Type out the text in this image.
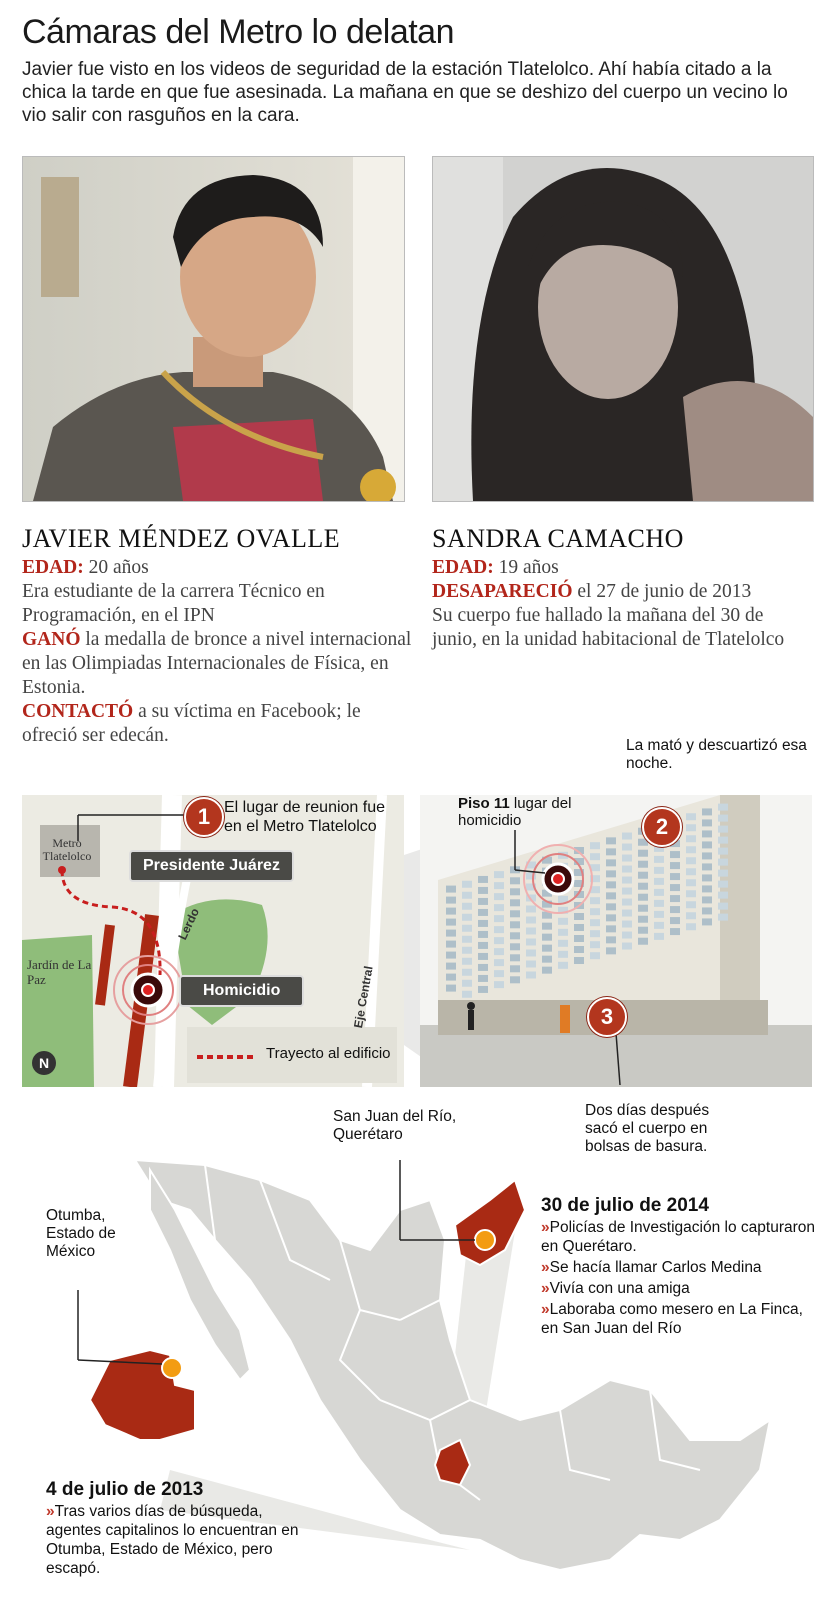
Cámaras del Metro lo delatan

Javier fue visto en los videos de seguridad de la estación Tlatelolco. Ahí había citado a la chica la tarde en que fue asesinada. La mañana en que se deshizo del cuerpo un vecino lo vio salir con rasguños en la cara.

JAVIER MÉNDEZ OVALLE

EDAD: 20 años

Era estudiante de la carrera Técnico en Programación, en el IPN

GANÓ la medalla de bronce a nivel internacional en las Olimpiadas Internacionales de Física, en Estonia.

CONTACTÓ a su víctima en Facebook; le ofreció ser edecán.

SANDRA CAMACHO

EDAD: 19 años

DESAPARECIÓ el 27 de junio de 2013

Su cuerpo fue hallado la mañana del 30 de junio, en la unidad habitacional de Tlatelolco

1 El lugar de reunion fue en el Metro Tlatelolco
Metro Tlatelolco
Presidente Juárez
Lerdo
Jardín de La Paz
Homicidio	Eje Central
N
Trayecto al edificio
2
3
Piso 11 lugar del homicidio
La mató y descuartizó esa noche.
Dos días después sacó el cuerpo en bolsas de basura.
San Juan del Río, Querétaro
Otumba, Estado de México
30 de julio de 2014
»Policías de Investigación lo capturaron en Querétaro.
»Se hacía llamar Carlos Medina
»Vivía con una amiga
»Laboraba como mesero en La Finca, en San Juan del Río
4 de julio de 2013
»Tras varios días de búsqueda, agentes capitalinos lo encuentran en Otumba, Estado de México, pero escapó.
